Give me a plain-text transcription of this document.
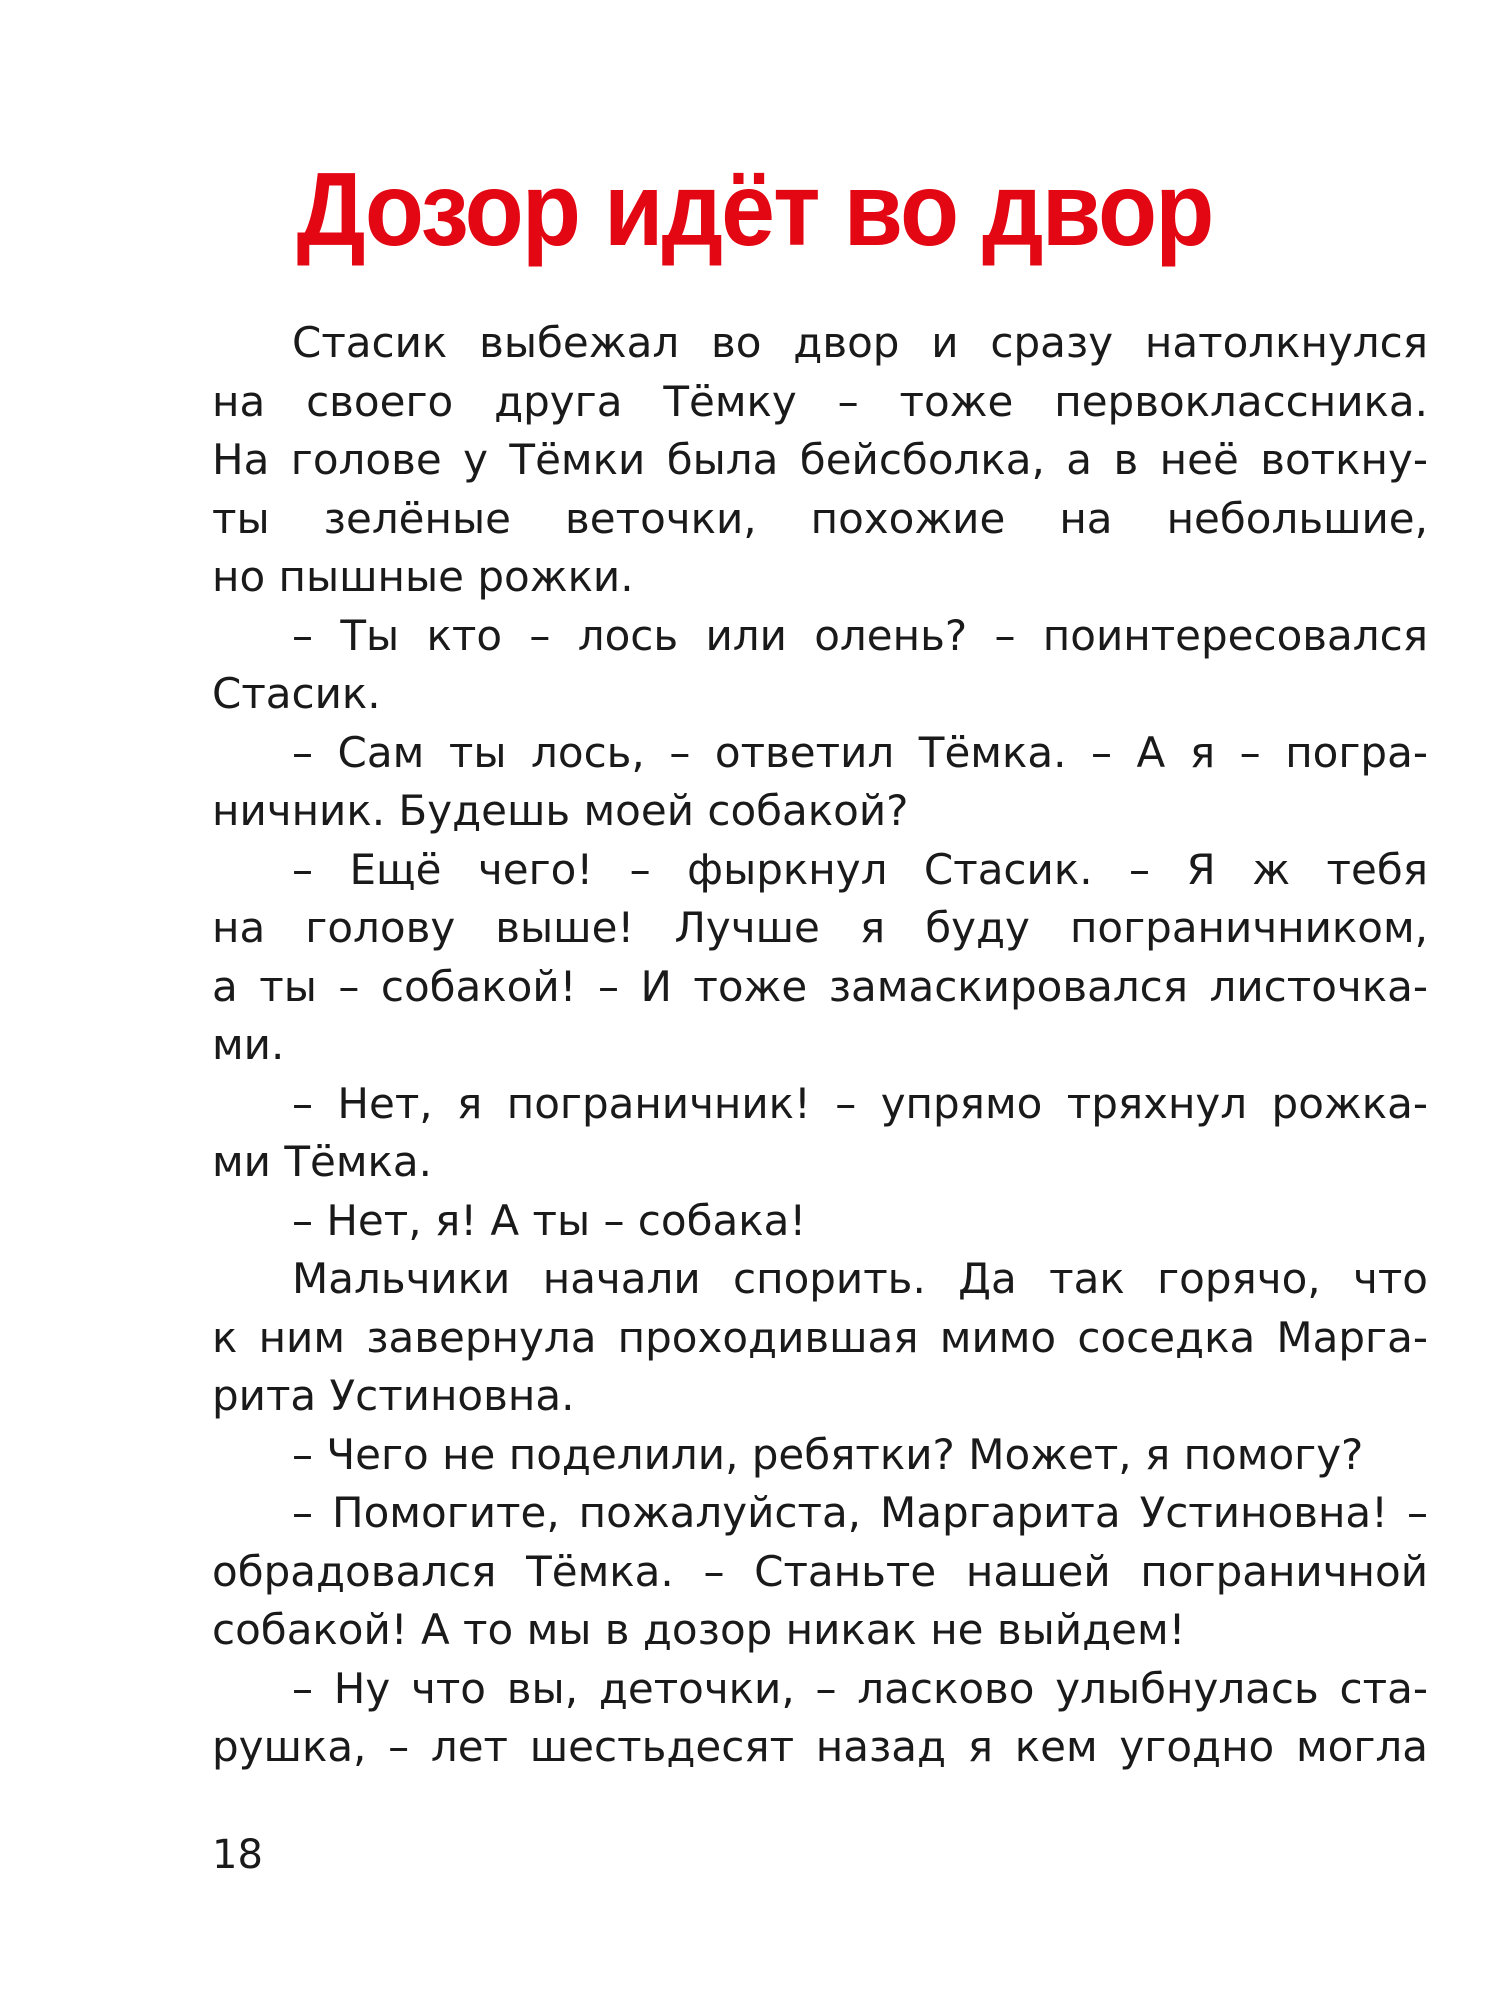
Дозор идёт во двор

Стасик выбежал во двор и сразу натолкнулся
на своего друга Тёмку – тоже первоклассника.
На голове у Тёмки была бейсболка, а в неё воткну-
ты зелёные веточки, похожие на небольшие,
но пышные рожки.

– Ты кто – лось или олень? – поинтересовался
Стасик.

– Сам ты лось, – ответил Тёмка. – А я – погра-
ничник. Будешь моей собакой?

– Ещё чего! – фыркнул Стасик. – Я ж тебя
на голову выше! Лучше я буду пограничником,
а ты – собакой! – И тоже замаскировался листочка-
ми.

– Нет, я пограничник! – упрямо тряхнул рожка-
ми Тёмка.

– Нет, я! А ты – собака!

Мальчики начали спорить. Да так горячо, что
к ним завернула проходившая мимо соседка Марга-
рита Устиновна.

– Чего не поделили, ребятки? Может, я помогу?

– Помогите, пожалуйста, Маргарита Устиновна! –
обрадовался Тёмка. – Станьте нашей пограничной
собакой! А то мы в дозор никак не выйдем!

– Ну что вы, деточки, – ласково улыбнулась ста-
рушка, – лет шестьдесят назад я кем угодно могла

18
